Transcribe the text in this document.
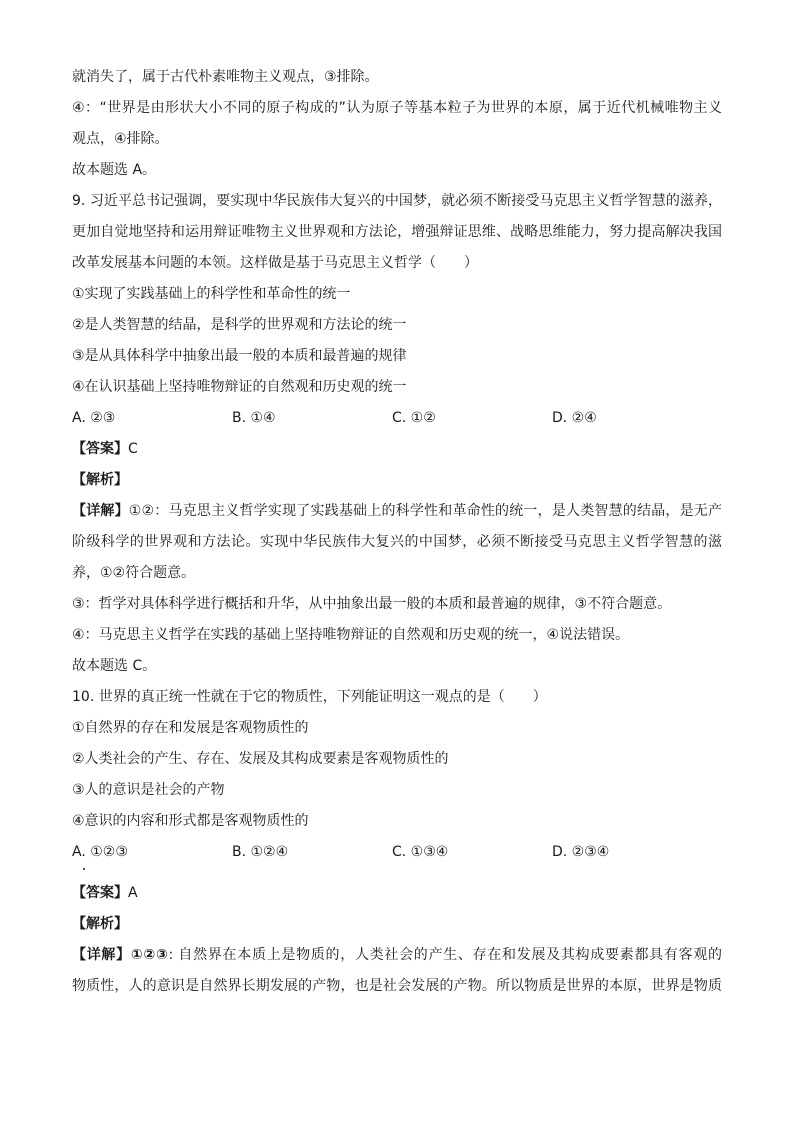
就消失了，属于古代朴素唯物主义观点，③排除。
④：“世界是由形状大小不同的原子构成的”认为原子等基本粒子为世界的本原，属于近代机械唯物主义
观点，④排除。
故本题选 A。
9. 习近平总书记强调，要实现中华民族伟大复兴的中国梦，就必须不断接受马克思主义哲学智慧的滋养，
更加自觉地坚持和运用辩证唯物主义世界观和方法论，增强辩证思维、战略思维能力，努力提高解决我国
改革发展基本问题的本领。这样做是基于马克思主义哲学（　　）
①实现了实践基础上的科学性和革命性的统一
②是人类智慧的结晶，是科学的世界观和方法论的统一
③是从具体科学中抽象出最一般的本质和最普遍的规律
④在认识基础上坚持唯物辩证的自然观和历史观的统一
A. ②③	B. ①④	C. ①②	D. ②④
【答案】C
【解析】
【详解】①②：马克思主义哲学实现了实践基础上的科学性和革命性的统一，是人类智慧的结晶，是无产
阶级科学的世界观和方法论。实现中华民族伟大复兴的中国梦，必须不断接受马克思主义哲学智慧的滋
养，①②符合题意。
③：哲学对具体科学进行概括和升华，从中抽象出最一般的本质和最普遍的规律，③不符合题意。
④：马克思主义哲学在实践的基础上坚持唯物辩证的自然观和历史观的统一，④说法错误。
故本题选 C。
10. 世界的真正统一性就在于它的物质性，下列能证明这一观点的是（　　）
①自然界的存在和发展是客观物质性的
②人类社会的产生、存在、发展及其构成要素是客观物质性的
③人的意识是社会的产物
④意识的内容和形式都是客观物质性的
A. ①②③	B. ①②④	C. ①③④	D. ②③④
【答案】A
【解析】
【详解】①②③: 自然界在本质上是物质的，人类社会的产生、存在和发展及其构成要素都具有客观的
物质性，人的意识是自然界长期发展的产物，也是社会发展的产物。所以物质是世界的本原，世界是物质
